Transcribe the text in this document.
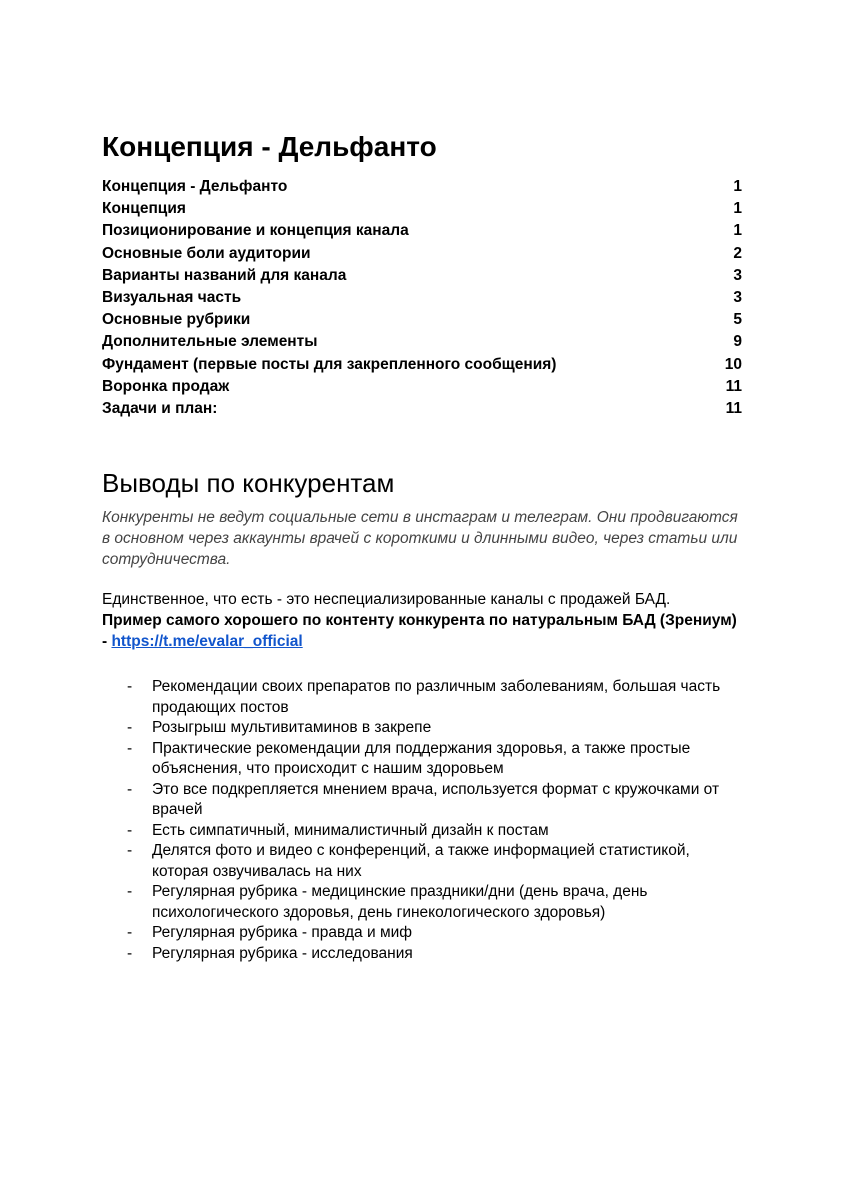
Концепция - Дельфанто
Концепция - Дельфанто	1
Концепция	1
Позиционирование и концепция канала	1
Основные боли аудитории	2
Варианты названий для канала	3
Визуальная часть	3
Основные рубрики	5
Дополнительные элементы	9
Фундамент (первые посты для закрепленного сообщения)	10
Воронка продаж	11
Задачи и план:	11
Выводы по конкурентам
Конкуренты не ведут социальные сети в инстаграм и телеграм. Они продвигаются в основном через аккаунты врачей с короткими и длинными видео, через статьи или сотрудничества.
Единственное, что есть - это неспециализированные каналы с продажей БАД.
Пример самого хорошего по контенту конкурента по натуральным БАД (Зрениум) - https://t.me/evalar_official
- Рекомендации своих препаратов по различным заболеваниям, большая часть продающих постов
- Розыгрыш мультивитаминов в закрепе
- Практические рекомендации для поддержания здоровья, а также простые объяснения, что происходит с нашим здоровьем
- Это все подкрепляется мнением врача, используется формат с кружочками от врачей
- Есть симпатичный, минималистичный дизайн к постам
- Делятся фото и видео с конференций, а также информацией статистикой, которая озвучивалась на них
- Регулярная рубрика - медицинские праздники/дни (день врача, день психологического здоровья, день гинекологического здоровья)
- Регулярная рубрика - правда и миф
- Регулярная рубрика - исследования
